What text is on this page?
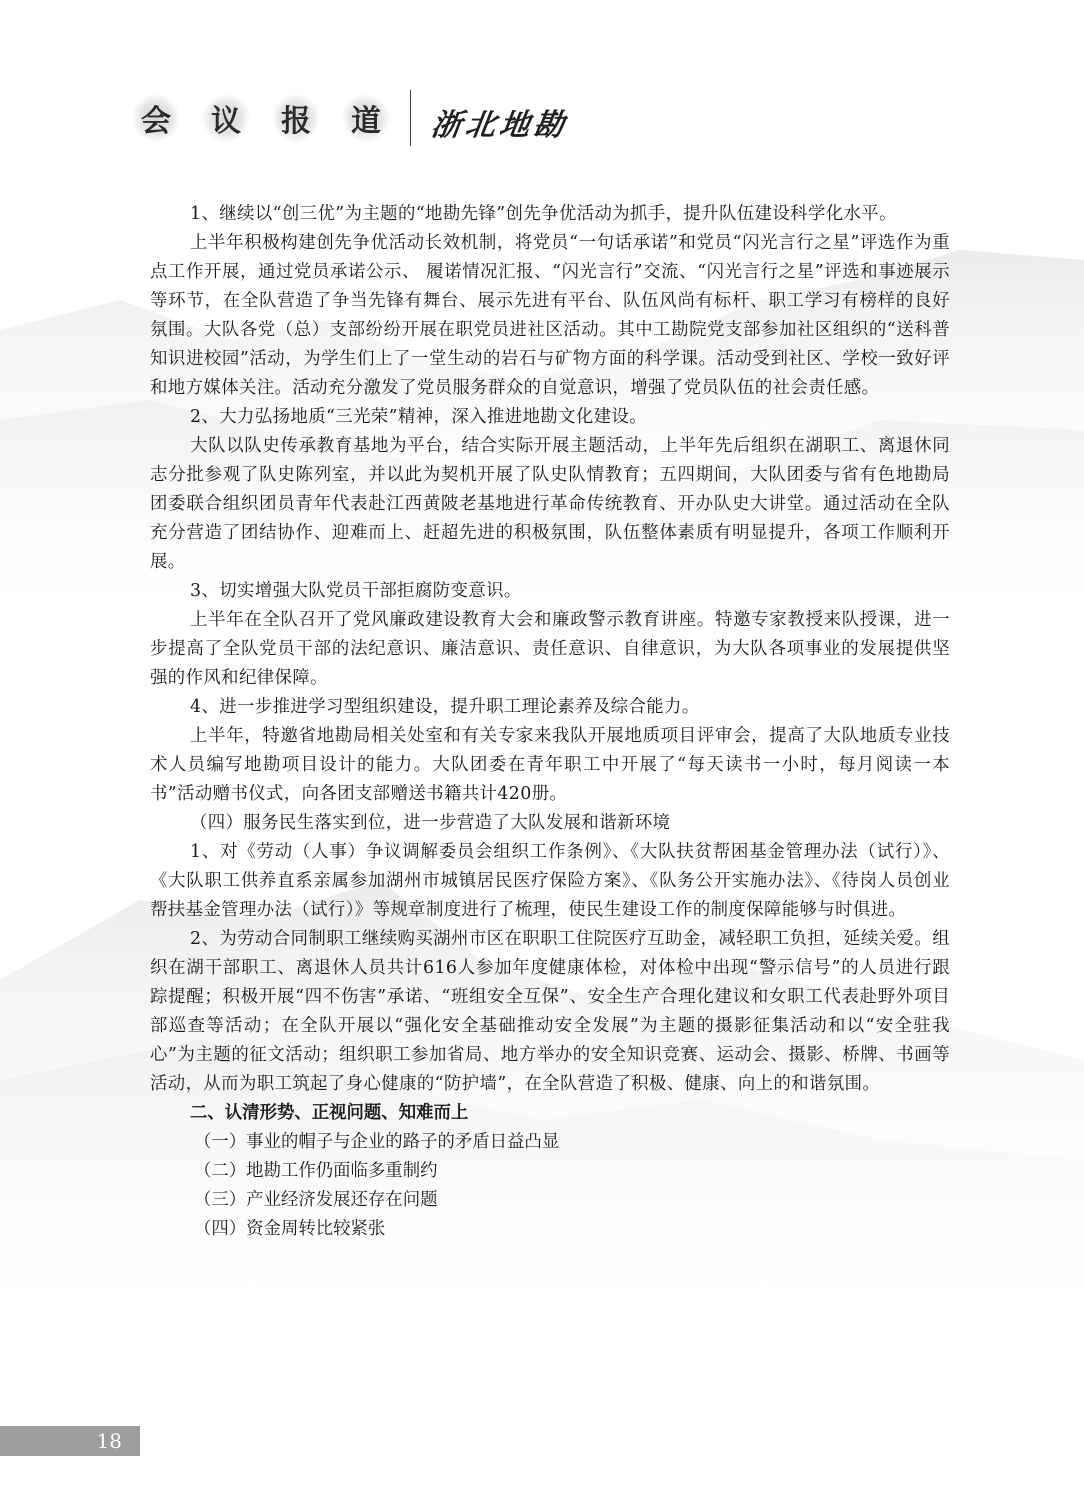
会	议	报	道	浙北地勘

1、继续以“创三优”为主题的“地勘先锋”创先争优活动为抓手，提升队伍建设科学化水平。

上半年积极构建创先争优活动长效机制，将党员“一句话承诺”和党员“闪光言行之星”评选作为重点工作开展，通过党员承诺公示、 履诺情况汇报、“闪光言行”交流、“闪光言行之星”评选和事迹展示等环节，在全队营造了争当先锋有舞台、展示先进有平台、队伍风尚有标杆、职工学习有榜样的良好氛围。大队各党（总）支部纷纷开展在职党员进社区活动。其中工勘院党支部参加社区组织的“送科普知识进校园”活动，为学生们上了一堂生动的岩石与矿物方面的科学课。活动受到社区、学校一致好评和地方媒体关注。活动充分激发了党员服务群众的自觉意识，增强了党员队伍的社会责任感。

2、大力弘扬地质“三光荣”精神，深入推进地勘文化建设。

大队以队史传承教育基地为平台，结合实际开展主题活动，上半年先后组织在湖职工、离退休同志分批参观了队史陈列室，并以此为契机开展了队史队情教育；五四期间，大队团委与省有色地勘局团委联合组织团员青年代表赴江西黄陂老基地进行革命传统教育、开办队史大讲堂。通过活动在全队充分营造了团结协作、迎难而上、赶超先进的积极氛围，队伍整体素质有明显提升，各项工作顺利开展。

3、切实增强大队党员干部拒腐防变意识。

上半年在全队召开了党风廉政建设教育大会和廉政警示教育讲座。特邀专家教授来队授课，进一步提高了全队党员干部的法纪意识、廉洁意识、责任意识、自律意识，为大队各项事业的发展提供坚强的作风和纪律保障。

4、进一步推进学习型组织建设，提升职工理论素养及综合能力。

上半年，特邀省地勘局相关处室和有关专家来我队开展地质项目评审会，提高了大队地质专业技术人员编写地勘项目设计的能力。大队团委在青年职工中开展了“每天读书一小时，每月阅读一本书”活动赠书仪式，向各团支部赠送书籍共计420册。

（四）服务民生落实到位，进一步营造了大队发展和谐新环境

1、对《劳动（人事）争议调解委员会组织工作条例》、《大队扶贫帮困基金管理办法（试行）》、《大队职工供养直系亲属参加湖州市城镇居民医疗保险方案》、《队务公开实施办法》、《待岗人员创业帮扶基金管理办法（试行）》等规章制度进行了梳理，使民生建设工作的制度保障能够与时俱进。

2、为劳动合同制职工继续购买湖州市区在职职工住院医疗互助金，减轻职工负担，延续关爱。组织在湖干部职工、离退休人员共计616人参加年度健康体检，对体检中出现“警示信号”的人员进行跟踪提醒；积极开展“四不伤害”承诺、“班组安全互保”、安全生产合理化建议和女职工代表赴野外项目部巡查等活动；在全队开展以“强化安全基础推动安全发展”为主题的摄影征集活动和以“安全驻我心”为主题的征文活动；组织职工参加省局、地方举办的安全知识竞赛、运动会、摄影、桥牌、书画等活动，从而为职工筑起了身心健康的“防护墙”，在全队营造了积极、健康、向上的和谐氛围。

二、认清形势、正视问题、知难而上

（一）事业的帽子与企业的路子的矛盾日益凸显

（二）地勘工作仍面临多重制约

（三）产业经济发展还存在问题

（四）资金周转比较紧张

18
